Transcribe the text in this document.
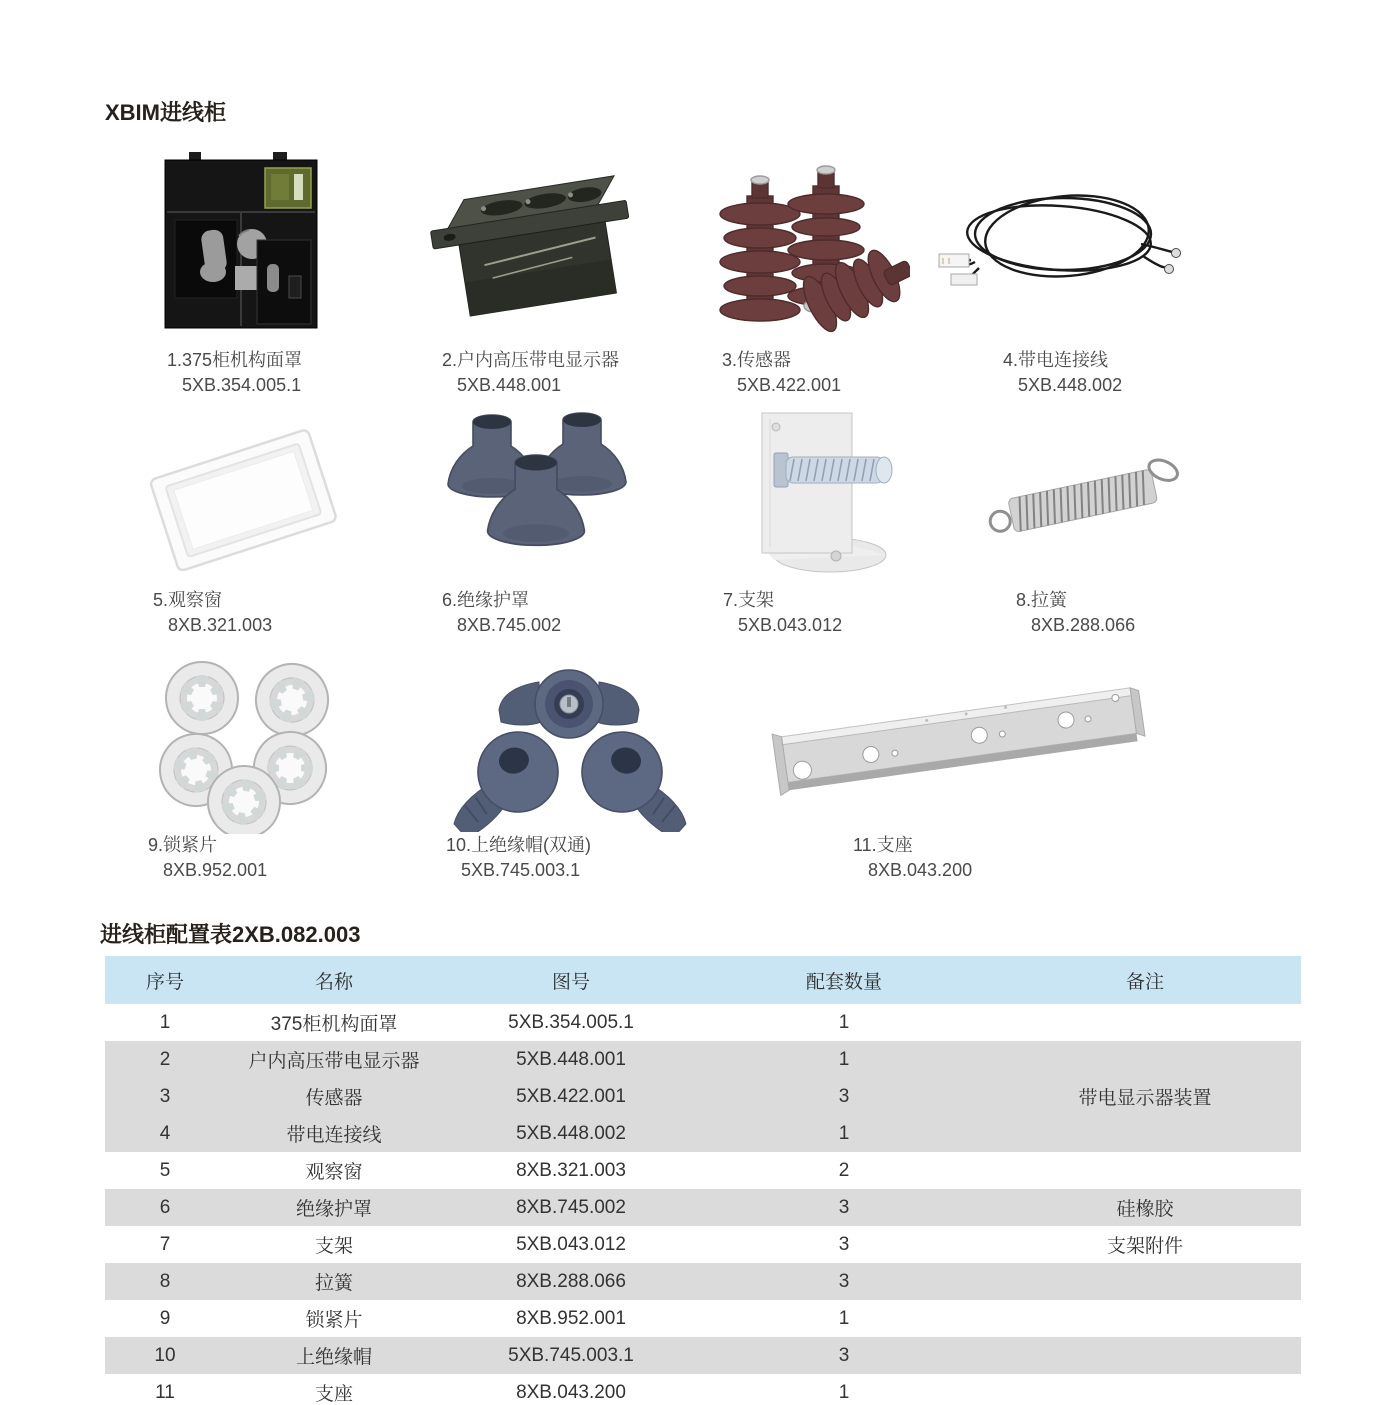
XBIM进线柜
1.375柜机构面罩
5XB.354.005.1
2.户内高压带电显示器
5XB.448.001
3.传感器
5XB.422.001
4.带电连接线
5XB.448.002
5.观察窗
8XB.321.003
6.绝缘护罩
8XB.745.002
7.支架
5XB.043.012
8.拉簧
8XB.288.066
9.锁紧片
8XB.952.001
10.上绝缘帽(双通)
5XB.745.003.1
11.支座
8XB.043.200
进线柜配置表2XB.082.003
序号	名称	图号	配套数量	备注
1	375柜机构面罩	5XB.354.005.1	1	
2	户内高压带电显示器	5XB.448.001	1	带电显示器装置
3	传感器	5XB.422.001	3	
4	带电连接线	5XB.448.002	1	
5	观察窗	8XB.321.003	2	
6	绝缘护罩	8XB.745.002	3	硅橡胶
7	支架	5XB.043.012	3	支架附件
8	拉簧	8XB.288.066	3	
9	锁紧片	8XB.952.001	1	
10	上绝缘帽	5XB.745.003.1	3	
11	支座	8XB.043.200	1	
